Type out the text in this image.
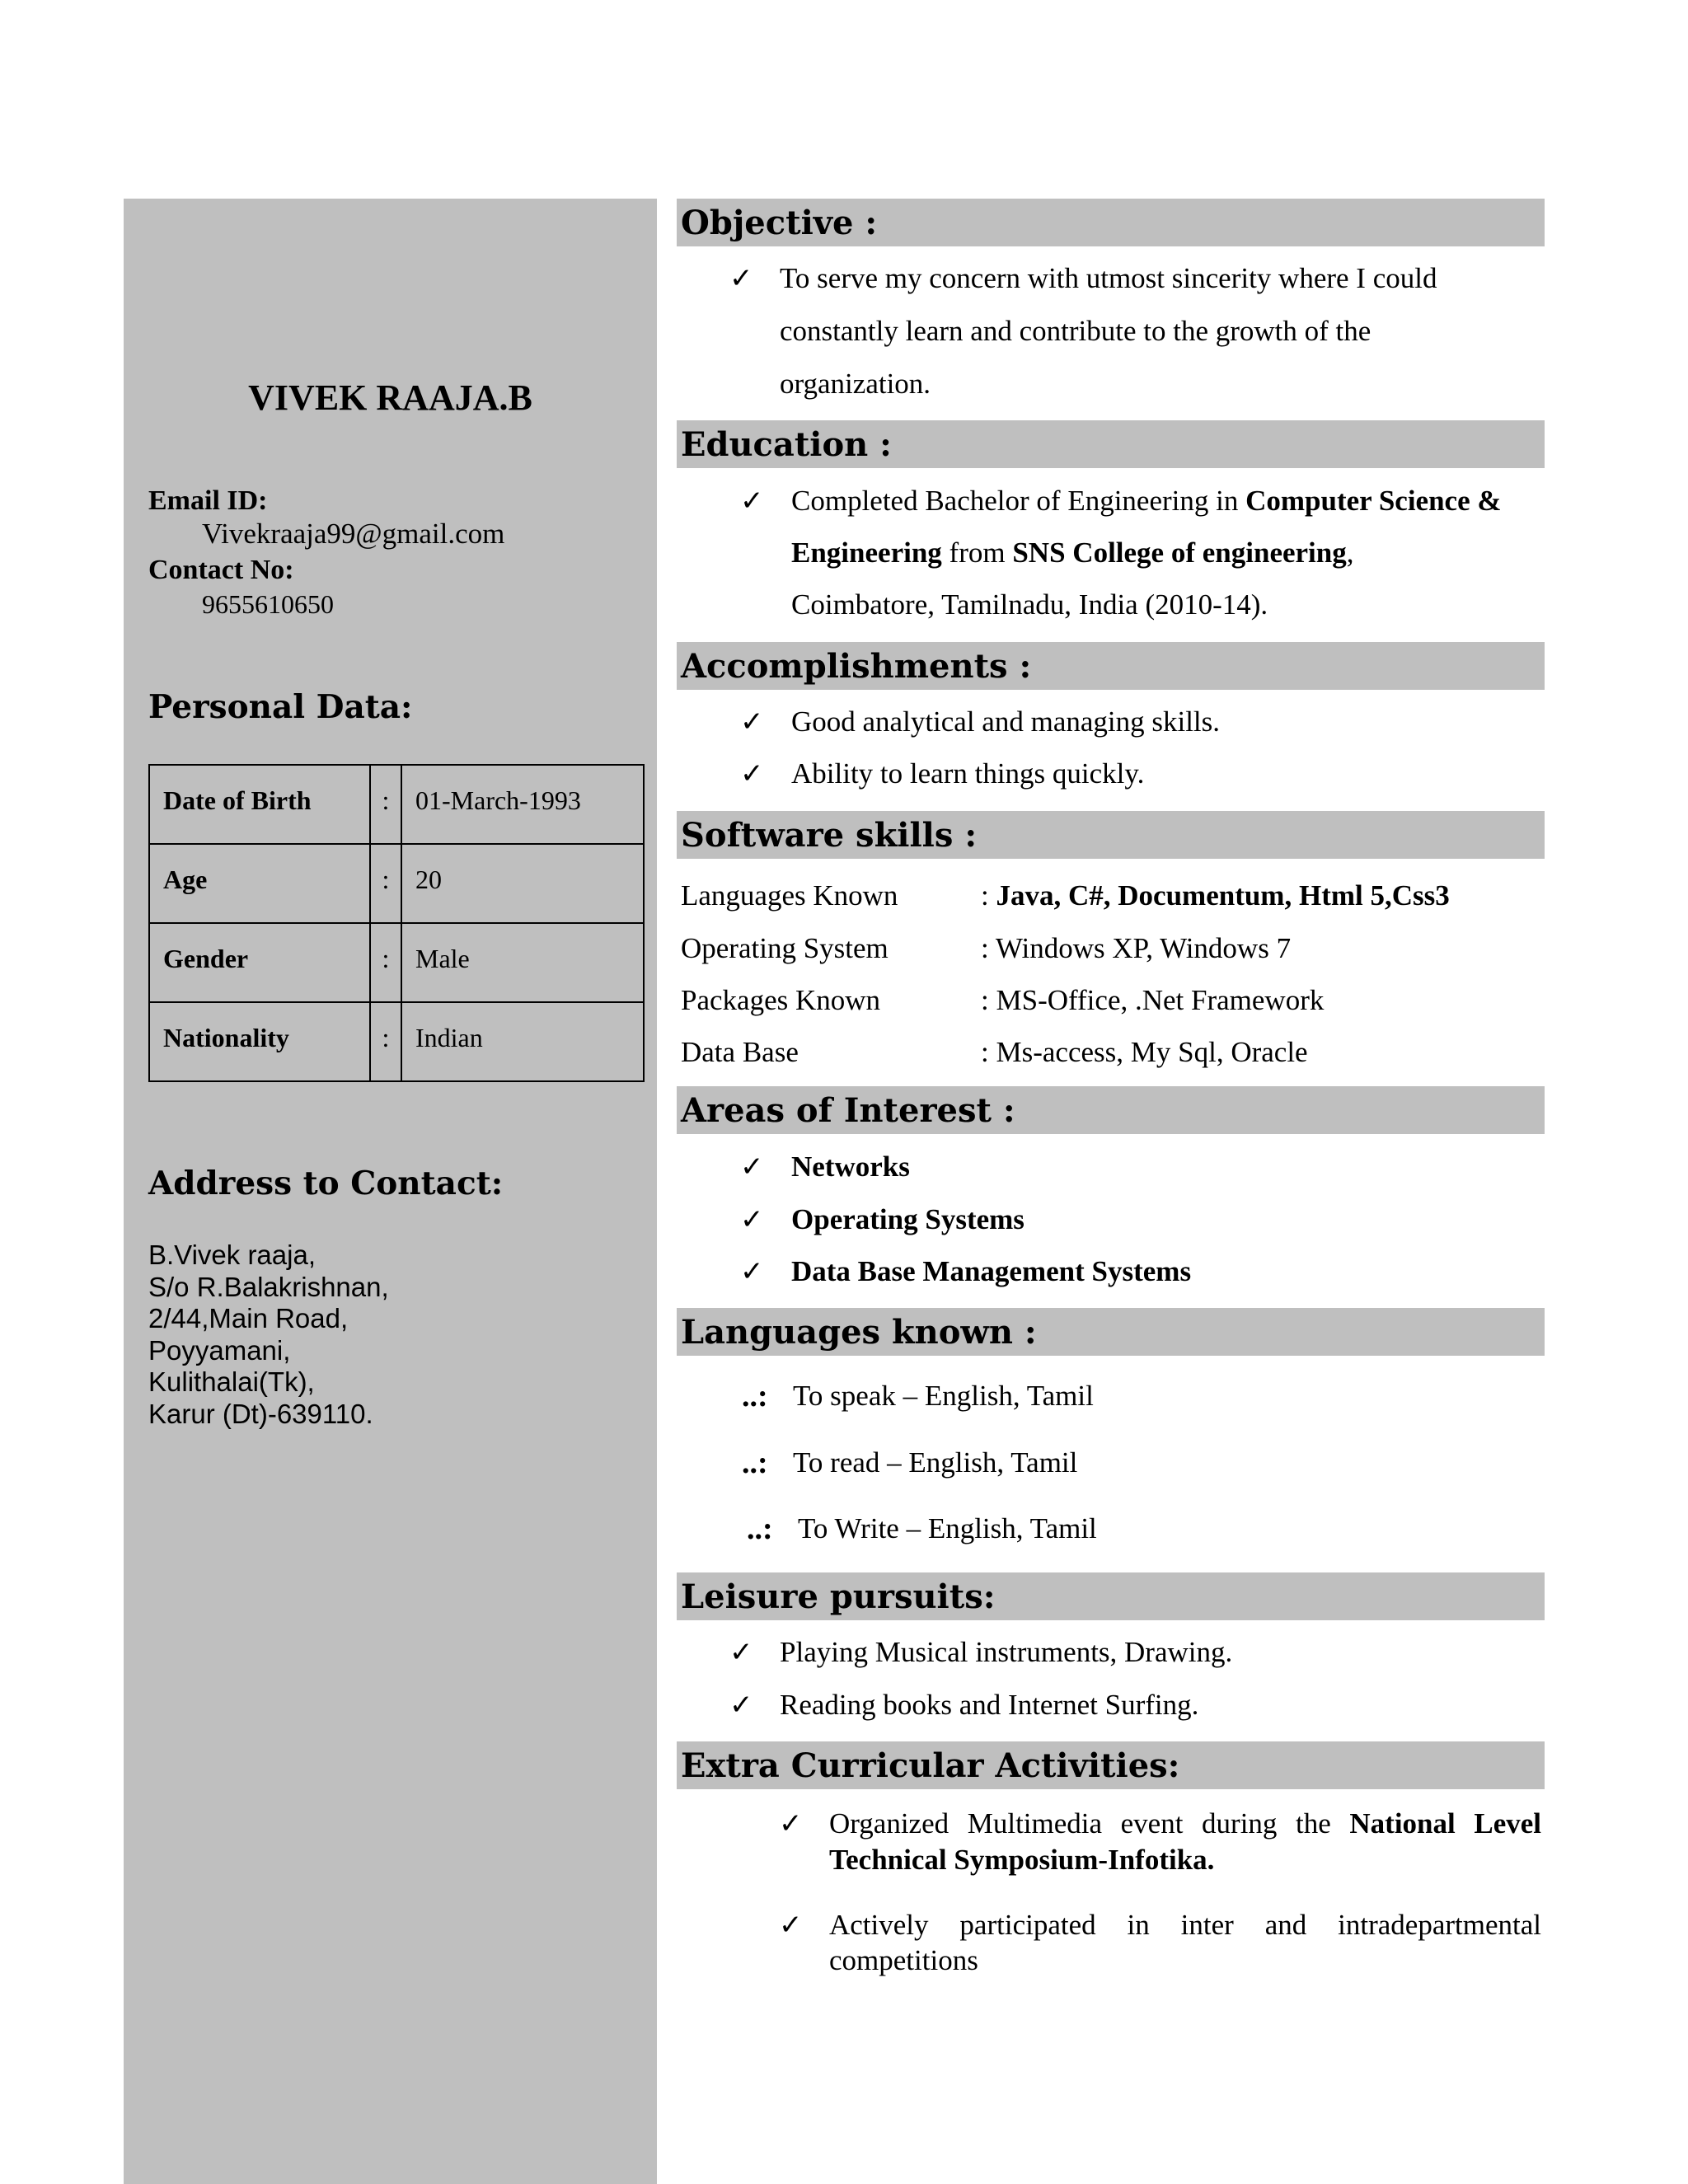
VIVEK RAAJA.B
Email ID:
Vivekraaja99@gmail.com
Contact No:
9655610650
Personal Data:
Date of Birth	:	01-March-1993
Age	:	20
Gender	:	Male
Nationality	:	Indian
Address to Contact:
B.Vivek raaja,
S/o R.Balakrishnan,
2/44,Main Road,
Poyyamani,
Kulithalai(Tk),
Karur (Dt)-639110.
Objective :
✓ To serve my concern with utmost sincerity where I could
constantly learn and contribute to the growth of the
organization.
Education :
✓ Completed Bachelor of Engineering in Computer Science &
Engineering from SNS College of engineering,
Coimbatore, Tamilnadu, India (2010-14).
Accomplishments :
✓ Good analytical and managing skills.
✓ Ability to learn things quickly.
Software skills :
Languages Known	: Java, C#, Documentum, Html 5,Css3
Operating System	: Windows XP, Windows 7
Packages Known	: MS-Office, .Net Framework
Data Base	: Ms-access, My Sql, Oracle
Areas of Interest :
✓ Networks
✓ Operating Systems
✓ Data Base Management Systems
Languages known :
..: To speak – English, Tamil
..: To read – English, Tamil
..: To Write – English, Tamil
Leisure pursuits:
✓ Playing Musical instruments, Drawing.
✓ Reading books and Internet Surfing.
Extra Curricular Activities:
✓ Organized Multimedia event during the National Level
Technical Symposium-Infotika.
✓ Actively participated in inter and intradepartmental
competitions
